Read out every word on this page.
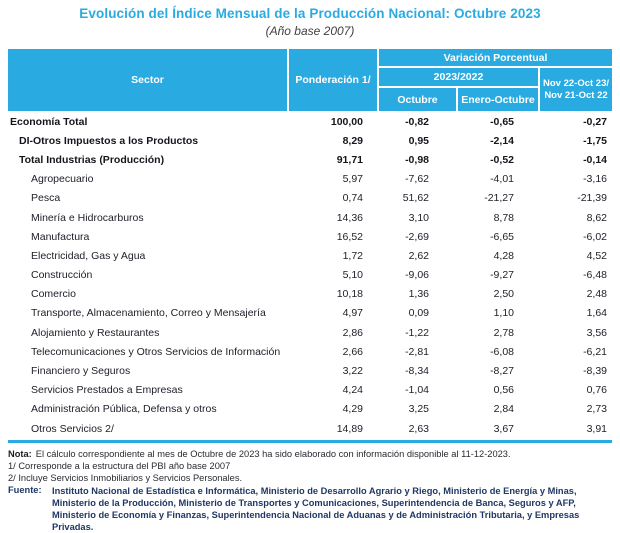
Evolución del Índice Mensual de la Producción Nacional: Octubre 2023
(Año base 2007)
Sector	Ponderación 1/
Variación Porcentual
2023/2022
Octubre	Enero-Octubre
Nov 22-Oct 23/
Nov 21-Oct 22
Economía Total	100,00	-0,82	-0,65	-0,27
DI-Otros Impuestos a los Productos	8,29	0,95	-2,14	-1,75
Total Industrias (Producción)	91,71	-0,98	-0,52	-0,14
Agropecuario	5,97	-7,62	-4,01	-3,16
Pesca	0,74	51,62	-21,27	-21,39
Minería e Hidrocarburos	14,36	3,10	8,78	8,62
Manufactura	16,52	-2,69	-6,65	-6,02
Electricidad, Gas y Agua	1,72	2,62	4,28	4,52
Construcción	5,10	-9,06	-9,27	-6,48
Comercio	10,18	1,36	2,50	2,48
Transporte, Almacenamiento, Correo y Mensajería	4,97	0,09	1,10	1,64
Alojamiento y Restaurantes	2,86	-1,22	2,78	3,56
Telecomunicaciones y Otros Servicios de Información	2,66	-2,81	-6,08	-6,21
Financiero y Seguros	3,22	-8,34	-8,27	-8,39
Servicios Prestados a Empresas	4,24	-1,04	0,56	0,76
Administración Pública, Defensa y otros	4,29	3,25	2,84	2,73
Otros Servicios 2/	14,89	2,63	3,67	3,91
Nota: El cálculo correspondiente al mes de Octubre de 2023 ha sido elaborado con información disponible al 11-12-2023.
1/ Corresponde a la estructura del PBI año base 2007
2/ Incluye Servicios Inmobiliarios y Servicios Personales.
Fuente:	Instituto Nacional de Estadística e Informática, Ministerio de Desarrollo Agrario y Riego, Ministerio de Energía y Minas,
Ministerio de la Producción, Ministerio de Transportes y Comunicaciones, Superintendencia de Banca, Seguros y AFP,
Ministerio de Economía y Finanzas, Superintendencia Nacional de Aduanas y de Administración Tributaria, y Empresas Privadas.
